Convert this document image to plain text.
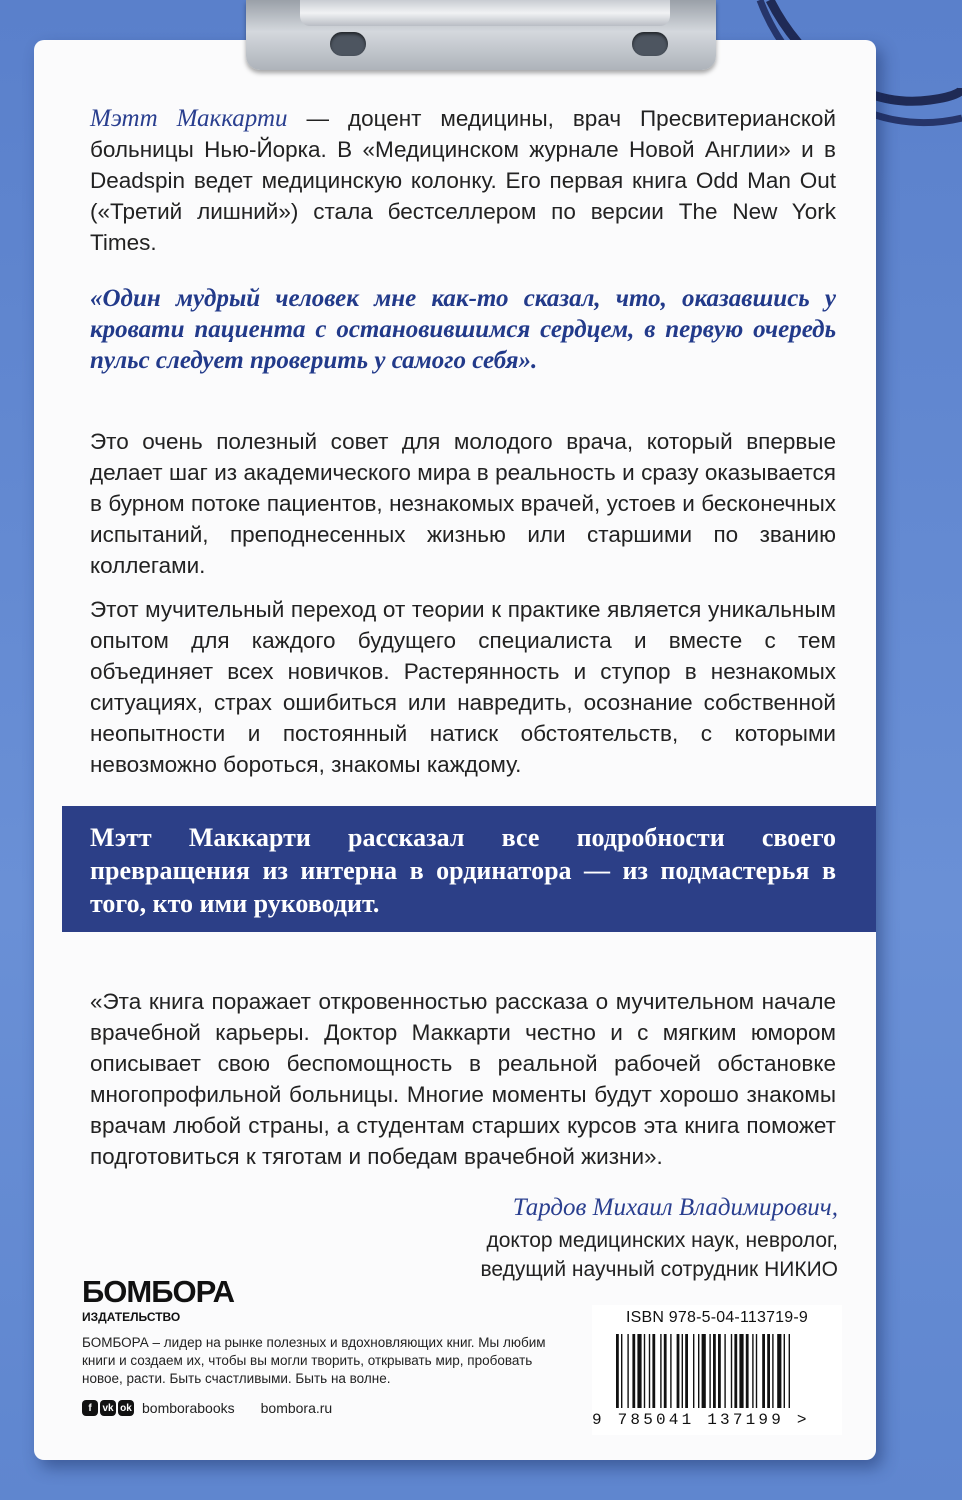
Мэтт Маккарти — доцент медицины, врач Пресвитерианской больницы Нью-Йорка. В «Медицинском журнале Новой Англии» и в Deadspin ведет медицинскую колонку. Его первая книга Odd Man Out («Третий лишний») стала бестселлером по версии The New York Times.
«Один мудрый человек мне как-то сказал, что, оказавшись у кровати пациента с остановившимся сердцем, в первую очередь пульс следует проверить у самого себя».
Это очень полезный совет для молодого врача, который впервые делает шаг из академического мира в реальность и сразу оказывается в бурном потоке пациентов, незнакомых врачей, устоев и бесконечных испытаний, преподнесенных жизнью или старшими по званию коллегами.
Этот мучительный переход от теории к практике является уникальным опытом для каждого будущего специалиста и вместе с тем объединяет всех новичков. Растерянность и ступор в незнакомых ситуациях, страх ошибиться или навредить, осознание собственной неопытности и постоянный натиск обстоятельств, с которыми невозможно бороться, знакомы каждому.
Мэтт Маккарти рассказал все подробности своего превращения из интерна в ординатора — из подмастерья в того, кто ими руководит.
«Эта книга поражает откровенностью рассказа о мучительном начале врачебной карьеры. Доктор Маккарти честно и с мягким юмором описывает свою беспомощность в реальной рабочей обстановке многопрофильной больницы. Многие моменты будут хорошо знакомы врачам любой страны, а студентам старших курсов эта книга поможет подготовиться к тяготам и победам врачебной жизни».
Тардов Михаил Владимирович,
доктор медицинских наук, невролог,
ведущий научный сотрудник НИКИО
БОМБОРА
ИЗДАТЕЛЬСТВО
БОМБОРА – лидер на рынке полезных и вдохновляющих книг. Мы любим книги и создаем их, чтобы вы могли творить, открывать мир, пробовать новое, расти. Быть счастливыми. Быть на волне.
f	vk ok bomborabooks bombora.ru
ISBN 978-5-04-113719-9
9 785041 137199 >
